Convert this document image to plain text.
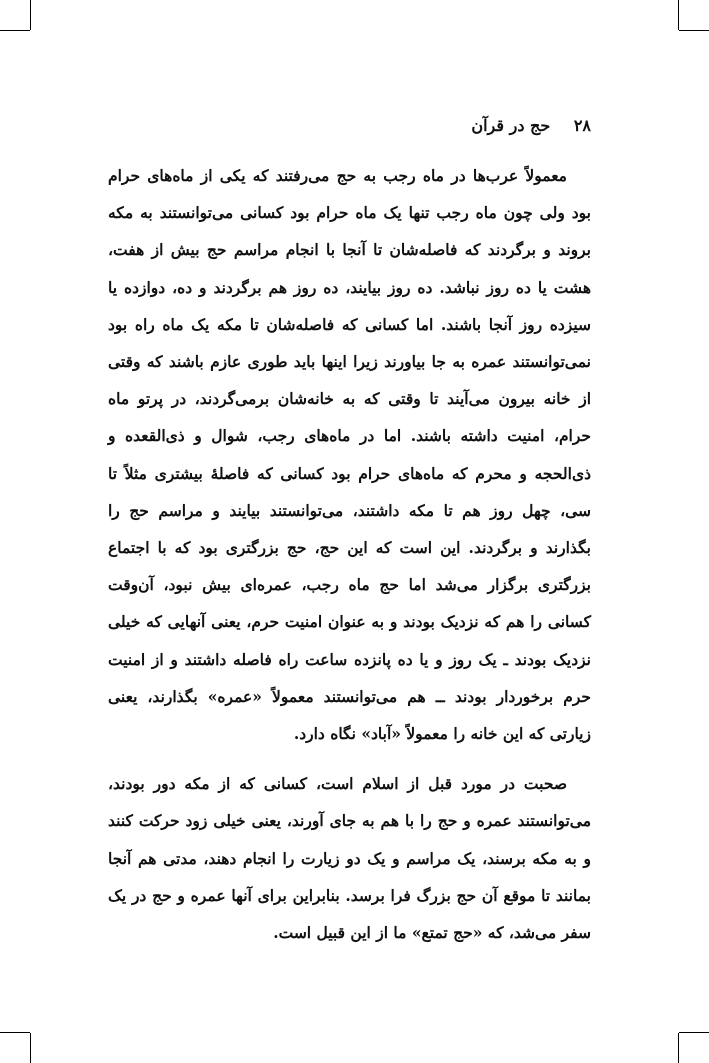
۲۸ حج در قرآن

معمولاً عرب‌ها در ماه رجب به حج می‌رفتند که یکی از ماه‌های حرام بود ولی چون ماه رجب تنها یک ماه حرام بود کسانی می‌توانستند به مکه بروند و برگردند که فاصله‌شان تا آنجا با انجام مراسم حج بیش از هفت، هشت یا ده روز نباشد. ده روز بیایند، ده روز هم برگردند و ده، دوازده یا سیزده روز آنجا باشند. اما کسانی که فاصله‌شان تا مکه یک ماه راه بود نمی‌توانستند عمره به جا بیاورند زیرا اینها باید طوری عازم باشند که وقتی از خانه بیرون می‌آیند تا وقتی که به خانه‌شان برمی‌گردند، در پرتو ماه حرام، امنیت داشته باشند. اما در ماه‌های رجب، شوال و ذی‌القعده و ذی‌الحجه و محرم که ماه‌های حرام بود کسانی که فاصلهٔ بیشتری مثلاً تا سی، چهل روز هم تا مکه داشتند، می‌توانستند بیایند و مراسم حج را بگذارند و برگردند. این است که این حج، حج بزرگتری بود که با اجتماع بزرگتری برگزار می‌شد اما حج ماه رجب، عمره‌ای بیش نبود، آن‌وقت کسانی را هم که نزدیک بودند و به عنوان امنیت حرم، یعنی آنهایی که خیلی نزدیک بودند ـ یک روز و یا ده پانزده ساعت راه فاصله داشتند و از امنیت حرم برخوردار بودند ــ هم می‌توانستند معمولاً «عمره» بگذارند، یعنی زیارتی که این خانه را معمولاً «آباد» نگاه دارد.

صحبت در مورد قبل از اسلام است، کسانی که از مکه دور بودند، می‌توانستند عمره و حج را با هم به جای آورند، یعنی خیلی زود حرکت کنند و به مکه برسند، یک مراسم و یک دو زیارت را انجام دهند، مدتی هم آنجا بمانند تا موقع آن حج بزرگ فرا برسد. بنابراین برای آنها عمره و حج در یک سفر می‌شد، که «حج تمتع» ما از این قبیل است.
